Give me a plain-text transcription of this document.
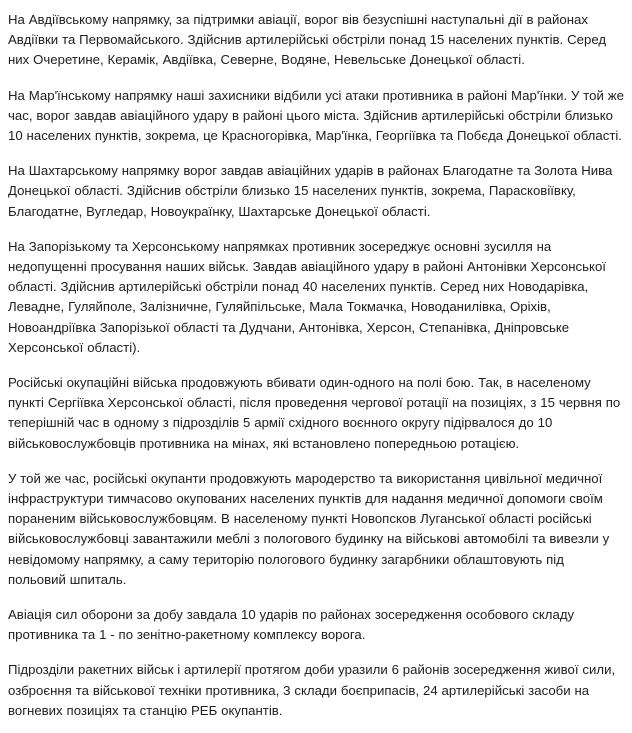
На Авдіївському напрямку, за підтримки авіації, ворог вів безуспішні наступальні дії в районах Авдіївки та Первомайського. Здійснив артилерійські обстріли понад 15 населених пунктів. Серед них Очеретине, Керамік, Авдіївка, Северне, Водяне, Невельське Донецької області.

На Мар'їнському напрямку наші захисники відбили усі атаки противника в районі Мар'їнки. У той же час, ворог завдав авіаційного удару в районі цього міста. Здійснив артилерійські обстріли близько 10 населених пунктів, зокрема, це Красногорівка, Мар'їнка, Георгіївка та Побєда Донецької області.

На Шахтарському напрямку ворог завдав авіаційних ударів в районах Благодатне та Золота Нива Донецької області. Здійснив обстріли близько 15 населених пунктів, зокрема, Парасковіївку, Благодатне, Вугледар, Новоукраїнку, Шахтарське Донецької області.

На Запорізькому та Херсонському напрямках противник зосереджує основні зусилля на недопущенні просування наших військ. Завдав авіаційного удару в районі Антонівки Херсонської області. Здійснив артилерійські обстріли понад 40 населених пунктів. Серед них Новодарівка, Левадне, Гуляйполе, Залізничне, Гуляйпільське, Мала Токмачка, Новоданилівка, Оріхів, Новоандріївка Запорізької області та Дудчани, Антонівка, Херсон, Степанівка, Дніпровське Херсонської області).

Російські окупаційні війська продовжують вбивати один-одного на полі бою. Так, в населеному пункті Сергіївка Херсонської області, після проведення чергової ротації на позиціях, з 15 червня по теперішній час в одному з підрозділів 5 армії східного воєнного округу підірвалося до 10 військовослужбовців противника на мінах, які встановлено попередньою ротацією.

У той же час, російські окупанти продовжують мародерство та використання цивільної медичної інфраструктури тимчасово окупованих населених пунктів для надання медичної допомоги своїм пораненим військовослужбовцям. В населеному пункті Новопсков Луганської області російські військовослужбовці завантажили меблі з пологового будинку на військові автомобілі та вивезли у невідомому напрямку, а саму територію пологового будинку загарбники облаштовують під польовий шпиталь.

Авіація сил оборони за добу завдала 10 ударів по районах зосередження особового складу противника та 1 - по зенітно-ракетному комплексу ворога.

Підрозділи ракетних військ і артилерії протягом доби уразили 6 районів зосередження живої сили, озброєння та військової техніки противника, 3 склади боєприпасів, 24 артилерійські засоби на вогневих позиціях та станцію РЕБ окупантів.
